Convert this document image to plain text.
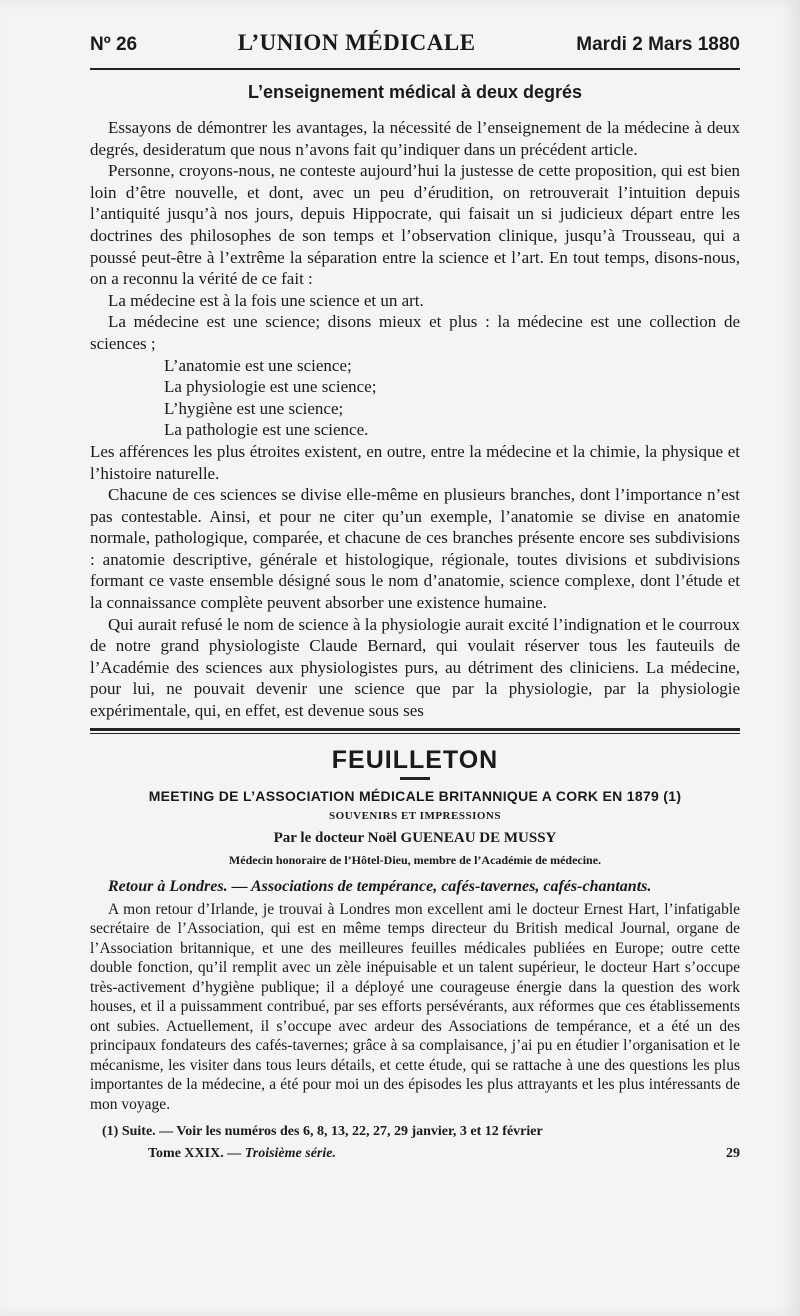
Nº 26	L’UNION MÉDICALE	Mardi 2 Mars 1880
L’enseignement médical à deux degrés

Essayons de démontrer les avantages, la nécessité de l’enseignement de la médecine à deux degrés, desideratum que nous n’avons fait qu’indiquer dans un précédent article.

Personne, croyons-nous, ne conteste aujourd’hui la justesse de cette proposition, qui est bien loin d’être nouvelle, et dont, avec un peu d’érudition, on retrouverait l’intuition depuis l’antiquité jusqu’à nos jours, depuis Hippocrate, qui faisait un si judicieux départ entre les doctrines des philosophes de son temps et l’observation clinique, jusqu’à Trousseau, qui a poussé peut-être à l’extrême la séparation entre la science et l’art. En tout temps, disons-nous, on a reconnu la vérité de ce fait :

La médecine est à la fois une science et un art.

La médecine est une science; disons mieux et plus : la médecine est une collection de sciences ;

L’anatomie est une science;

La physiologie est une science;

L’hygiène est une science;

La pathologie est une science.

Les afférences les plus étroites existent, en outre, entre la médecine et la chimie, la physique et l’histoire naturelle.

Chacune de ces sciences se divise elle-même en plusieurs branches, dont l’importance n’est pas contestable. Ainsi, et pour ne citer qu’un exemple, l’anatomie se divise en anatomie normale, pathologique, comparée, et chacune de ces branches présente encore ses subdivisions : anatomie descriptive, générale et histologique, régionale, toutes divisions et subdivisions formant ce vaste ensemble désigné sous le nom d’anatomie, science complexe, dont l’étude et la connaissance complète peuvent absorber une existence humaine.

Qui aurait refusé le nom de science à la physiologie aurait excité l’indignation et le courroux de notre grand physiologiste Claude Bernard, qui voulait réserver tous les fauteuils de l’Académie des sciences aux physiologistes purs, au détriment des cliniciens. La médecine, pour lui, ne pouvait devenir une science que par la physiologie, par la physiologie expérimentale, qui, en effet, est devenue sous ses

FEUILLETON
MEETING DE L’ASSOCIATION MÉDICALE BRITANNIQUE A CORK EN 1879 (1)
SOUVENIRS ET IMPRESSIONS
Par le docteur Noël GUENEAU DE MUSSY
Médecin honoraire de l’Hôtel-Dieu, membre de l’Académie de médecine.
Retour à Londres. — Associations de tempérance, cafés-tavernes, cafés-chantants.

A mon retour d’Irlande, je trouvai à Londres mon excellent ami le docteur Ernest Hart, l’infatigable secrétaire de l’Association, qui est en même temps directeur du British medical Journal, organe de l’Association britannique, et une des meilleures feuilles médicales publiées en Europe; outre cette double fonction, qu’il remplit avec un zèle inépuisable et un talent supérieur, le docteur Hart s’occupe très-activement d’hygiène publique; il a déployé une courageuse énergie dans la question des work houses, et il a puissamment contribué, par ses efforts persévérants, aux réformes que ces établissements ont subies. Actuellement, il s’occupe avec ardeur des Associations de tempérance, et a été un des principaux fondateurs des cafés-tavernes; grâce à sa complaisance, j’ai pu en étudier l’organisation et le mécanisme, les visiter dans tous leurs détails, et cette étude, qui se rattache à une des questions les plus importantes de la médecine, a été pour moi un des épisodes les plus attrayants et les plus intéressants de mon voyage.

(1) Suite. — Voir les numéros des 6, 8, 13, 22, 27, 29 janvier, 3 et 12 février
Tome XXIX. — Troisième série.	29
